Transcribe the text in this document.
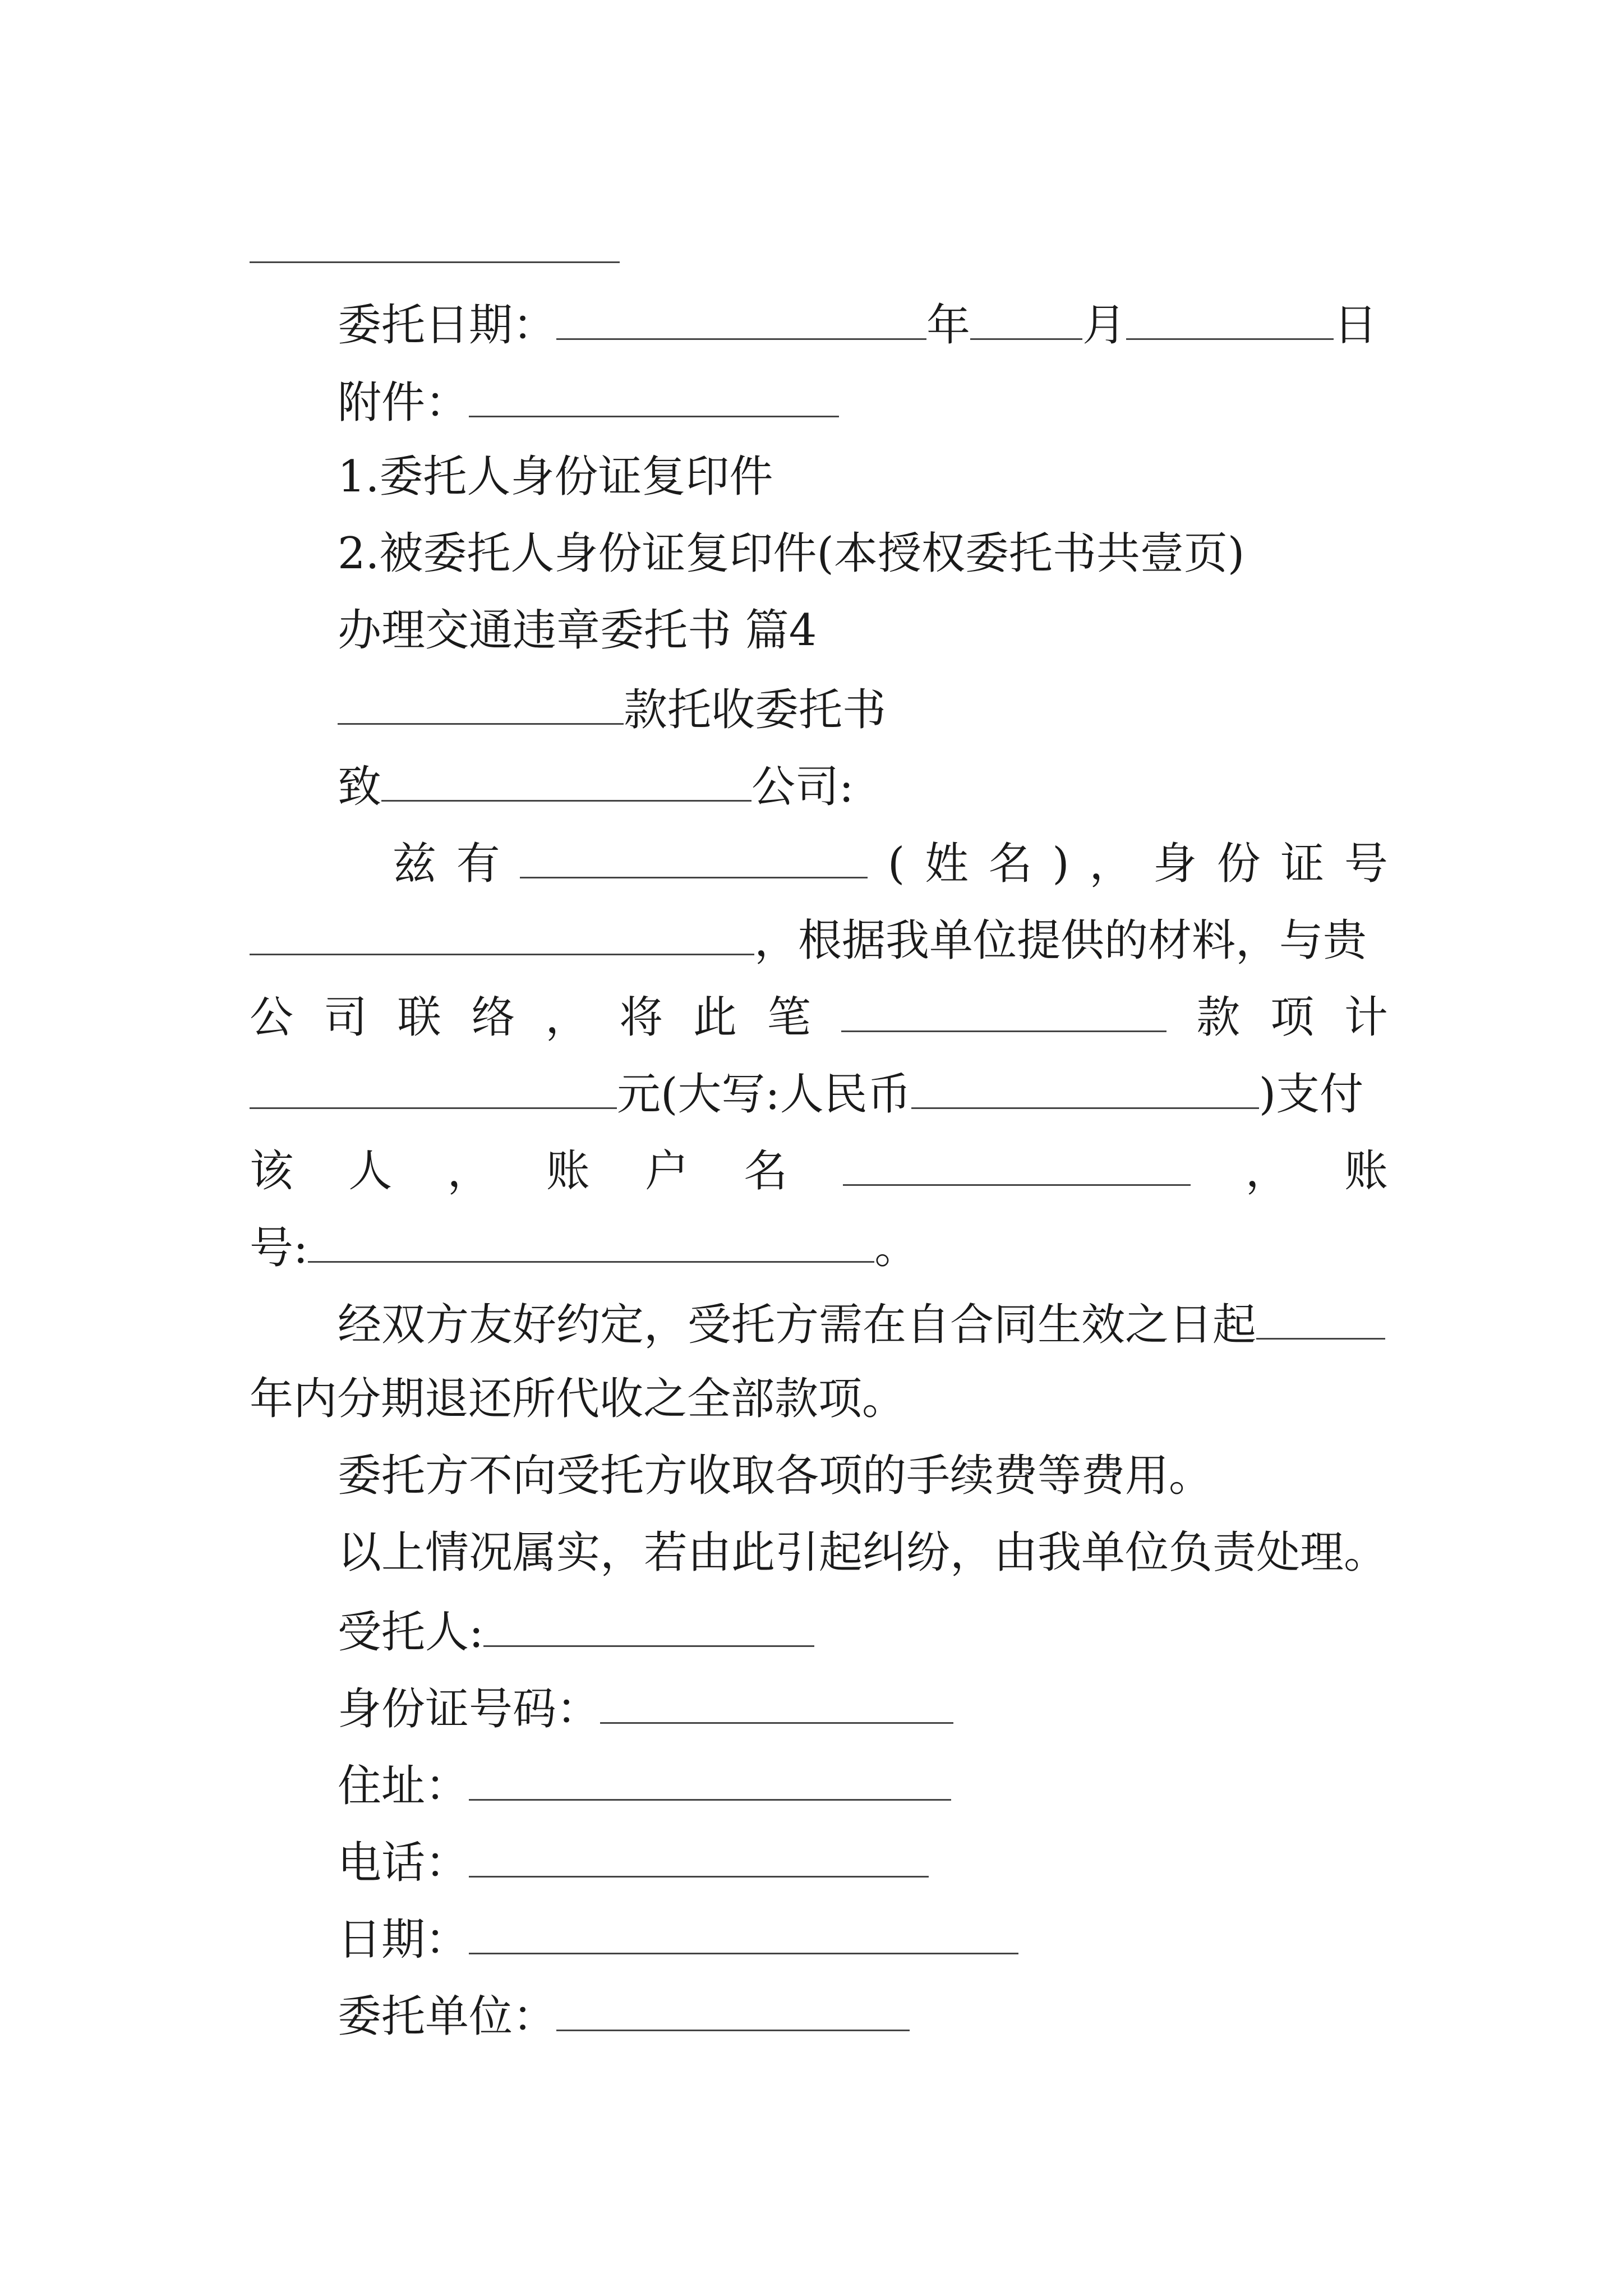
委托日期：	年	月	日
附件：
1.委托人身份证复印件
2.被委托人身份证复印件(本授权委托书共壹页)
办理交通违章委托书 篇4
款托收委托书
致	公司:
兹 有	( 姓 名 ) ， 身 份 证 号
，根据我单位提供的材料，与贵
公 司 联 络 ， 将 此 笔	款 项 计
元(大写:人民币	)支付
该 人 ， 账 户 名	， 账
号:	。
经双方友好约定，受托方需在自合同生效之日起
年内分期退还所代收之全部款项。
委托方不向受托方收取各项的手续费等费用。
以上情况属实，若由此引起纠纷，由我单位负责处理。
受托人:
身份证号码：
住址：
电话：
日期：
委托单位：
